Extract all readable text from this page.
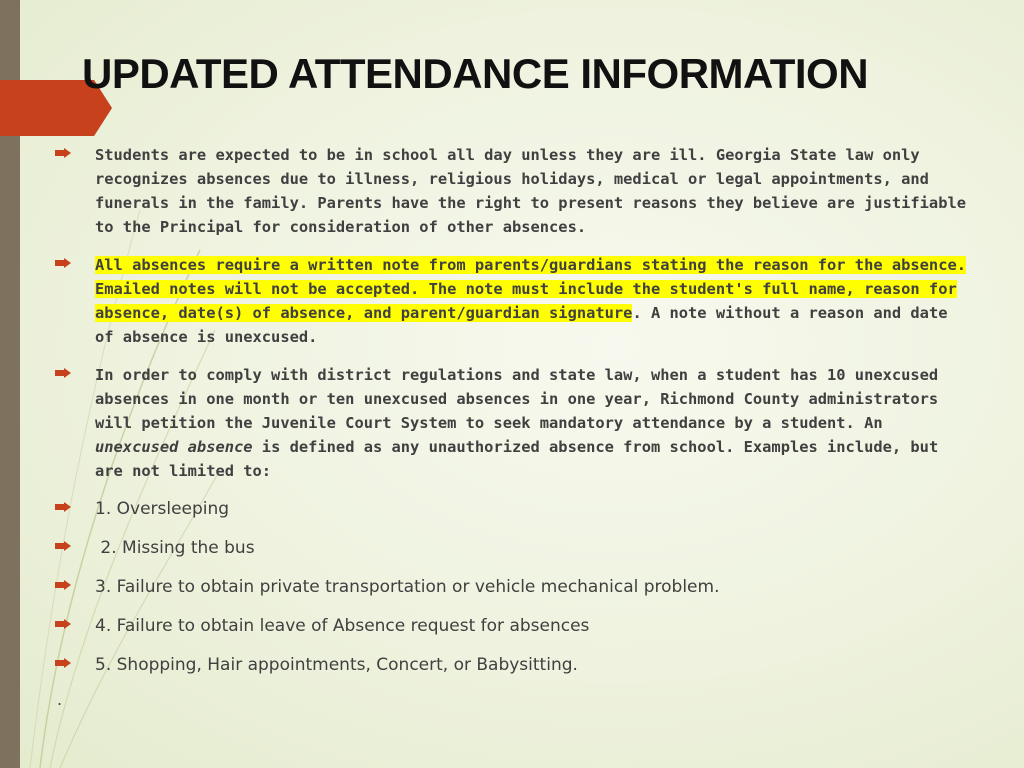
UPDATED ATTENDANCE INFORMATION

Students are expected to be in school all day unless they are ill. Georgia State law only recognizes absences due to illness, religious holidays, medical or legal appointments, and funerals in the family. Parents have the right to present reasons they believe are justifiable to the Principal for consideration of other absences.

All absences require a written note from parents/guardians stating the reason for the absence. Emailed notes will not be accepted. The note must include the student's full name, reason for absence, date(s) of absence, and parent/guardian signature. A note without a reason and date of absence is unexcused.

In order to comply with district regulations and state law, when a student has 10 unexcused absences in one month or ten unexcused absences in one year, Richmond County administrators will petition the Juvenile Court System to seek mandatory attendance by a student. An unexcused absence is defined as any unauthorized absence from school. Examples include, but are not limited to:

1. Oversleeping

2. Missing the bus

3. Failure to obtain private transportation or vehicle mechanical problem.

4. Failure to obtain leave of Absence request for absences

5. Shopping, Hair appointments, Concert, or Babysitting.

.
